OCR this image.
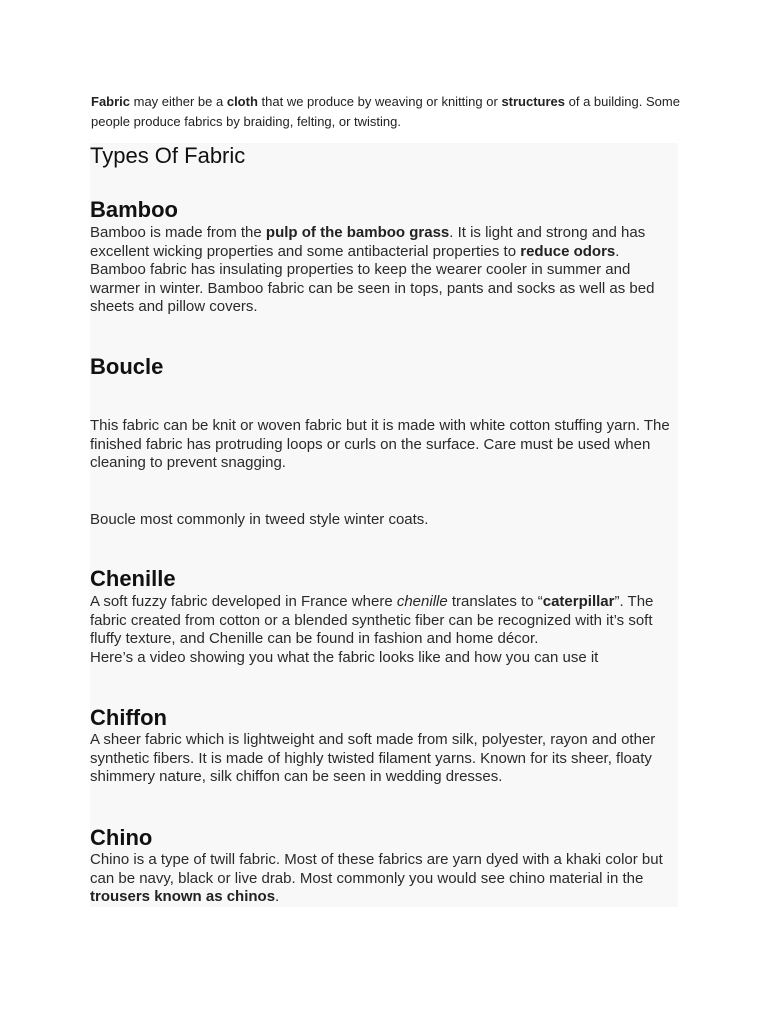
Fabric may either be a cloth that we produce by weaving or knitting or structures of a building. Some people produce fabrics by braiding, felting, or twisting.

Types Of Fabric
Bamboo

Bamboo is made from the pulp of the bamboo grass. It is light and strong and has excellent wicking properties and some antibacterial properties to reduce odors. Bamboo fabric has insulating properties to keep the wearer cooler in summer and warmer in winter. Bamboo fabric can be seen in tops, pants and socks as well as bed sheets and pillow covers.

Boucle

This fabric can be knit or woven fabric but it is made with white cotton stuffing yarn. The finished fabric has protruding loops or curls on the surface. Care must be used when cleaning to prevent snagging.

Boucle most commonly in tweed style winter coats.

Chenille

A soft fuzzy fabric developed in France where chenille translates to “caterpillar”. The fabric created from cotton or a blended synthetic fiber can be recognized with it’s soft fluffy texture, and Chenille can be found in fashion and home décor.
Here’s a video showing you what the fabric looks like and how you can use it

Chiffon

A sheer fabric which is lightweight and soft made from silk, polyester, rayon and other synthetic fibers. It is made of highly twisted filament yarns. Known for its sheer, floaty shimmery nature, silk chiffon can be seen in wedding dresses.

Chino

Chino is a type of twill fabric. Most of these fabrics are yarn dyed with a khaki color but can be navy, black or live drab. Most commonly you would see chino material in the trousers known as chinos.
